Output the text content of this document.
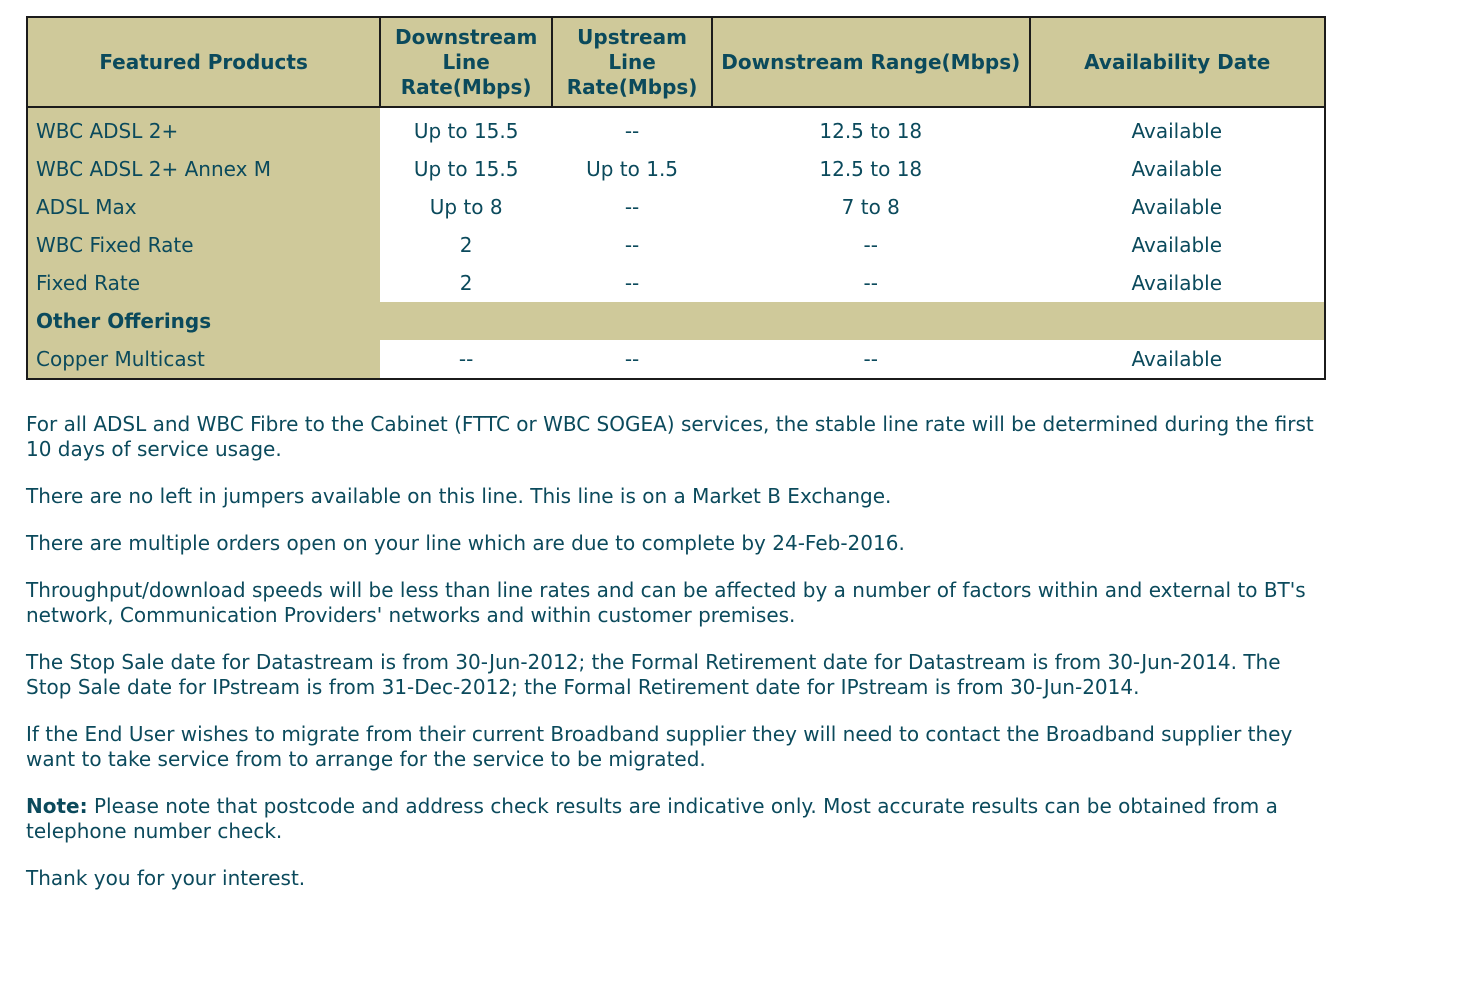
Featured Products	Downstream Line Rate(Mbps)	Upstream Line Rate(Mbps)	Downstream Range(Mbps)	Availability Date
WBC ADSL 2+	Up to 15.5	--	12.5 to 18	Available
WBC ADSL 2+ Annex M	Up to 15.5	Up to 1.5	12.5 to 18	Available
ADSL Max	Up to 8	--	7 to 8	Available
WBC Fixed Rate	2	--	--	Available
Fixed Rate	2	--	--	Available
Other Offerings				
Copper Multicast	--	--	--	Available

For all ADSL and WBC Fibre to the Cabinet (FTTC or WBC SOGEA) services, the stable line rate will be determined during the first 10 days of service usage.

There are no left in jumpers available on this line. This line is on a Market B Exchange.

There are multiple orders open on your line which are due to complete by 24-Feb-2016.

Throughput/download speeds will be less than line rates and can be affected by a number of factors within and external to BT's network, Communication Providers' networks and within customer premises.

The Stop Sale date for Datastream is from 30-Jun-2012; the Formal Retirement date for Datastream is from 30-Jun-2014. The Stop Sale date for IPstream is from 31-Dec-2012; the Formal Retirement date for IPstream is from 30-Jun-2014.

If the End User wishes to migrate from their current Broadband supplier they will need to contact the Broadband supplier they want to take service from to arrange for the service to be migrated.

Note: Please note that postcode and address check results are indicative only. Most accurate results can be obtained from a telephone number check.

Thank you for your interest.
